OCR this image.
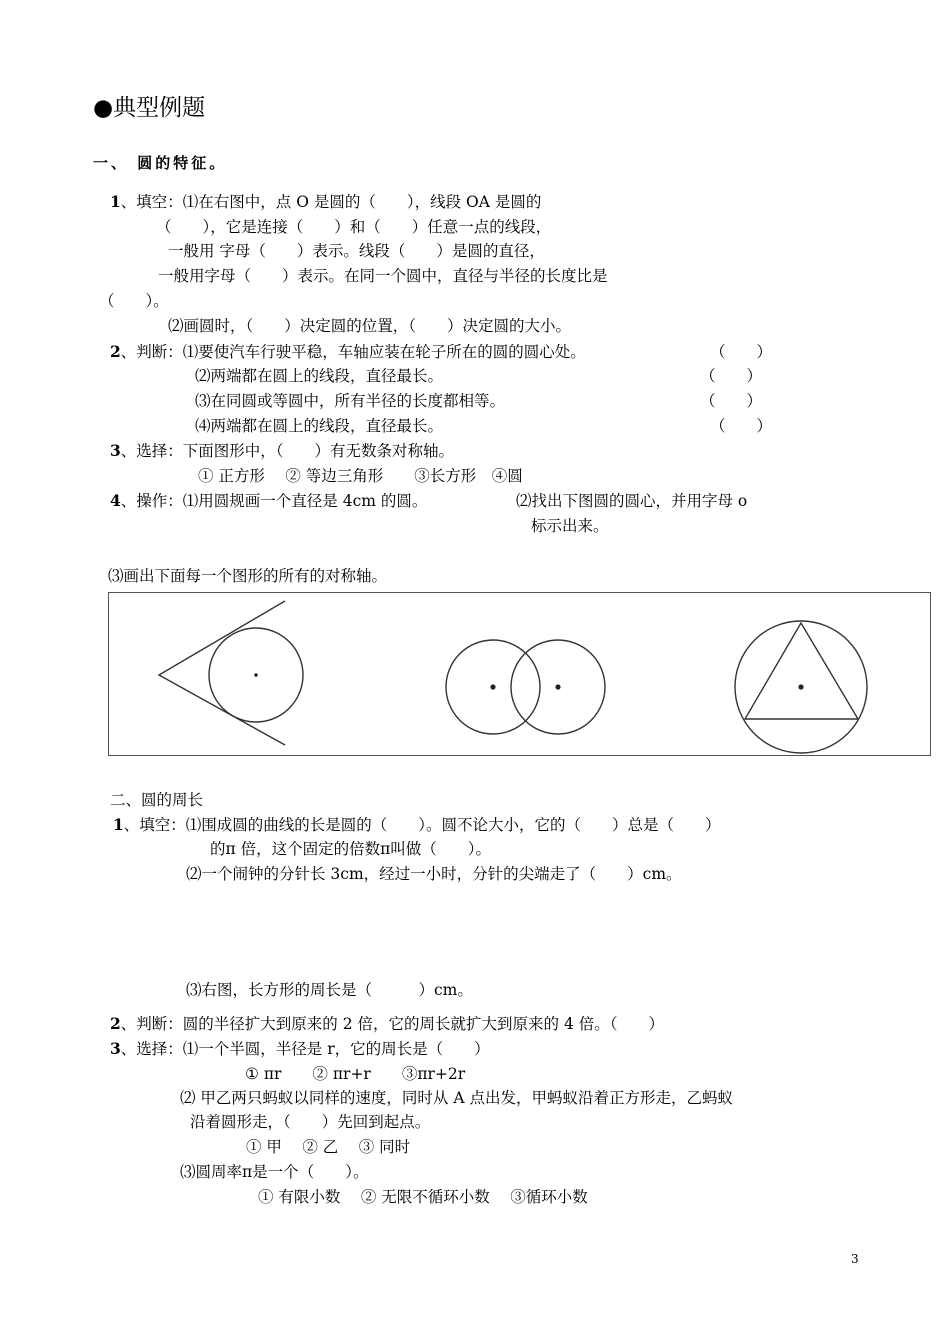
●典型例题
一、 圆的特征。
1、填空：⑴在右图中，点 O 是圆的（　　），线段 OA 是圆的
（　　），它是连接（　　）和（　　）任意一点的线段，
一般用 字母（　　）表示。线段（　　）是圆的直径，
一般用字母（　　）表示。在同一个圆中，直径与半径的长度比是
（　　）。
⑵画圆时，（　　）决定圆的位置，（　　）决定圆的大小。
2、判断：⑴要使汽车行驶平稳，车轴应装在轮子所在的圆的圆心处。	（　　）
⑵两端都在圆上的线段，直径最长。	（　　）
⑶在同圆或等圆中，所有半径的长度都相等。	（　　）
⑷两端都在圆上的线段，直径最长。	（　　）
3、选择：下面图形中，（　　）有无数条对称轴。
① 正方形　 ② 等边三角形　　③长方形　④圆
4、操作：⑴用圆规画一个直径是 4cm 的圆。	⑵找出下图圆的圆心，并用字母 o
标示出来。
⑶画出下面每一个图形的所有的对称轴。
二、圆的周长
1、填空：⑴围成圆的曲线的长是圆的（　　）。圆不论大小，它的（　　）总是（　　）
的π 倍，这个固定的倍数π叫做（　　）。
⑵一个闹钟的分针长 3cm，经过一小时，分针的尖端走了（　　）cm。
⑶右图，长方形的周长是（　　　）cm。
2、判断：圆的半径扩大到原来的 2 倍，它的周长就扩大到原来的 4 倍。（　　）
3、选择：⑴一个半圆，半径是 r，它的周长是（　　）
① πr　　② πr+r　　③πr+2r
⑵ 甲乙两只蚂蚁以同样的速度，同时从 A 点出发，甲蚂蚁沿着正方形走，乙蚂蚁
沿着圆形走，（　　）先回到起点。
① 甲　 ② 乙　 ③ 同时
⑶圆周率π是一个（　　）。
① 有限小数　 ② 无限不循环小数　 ③循环小数
3
